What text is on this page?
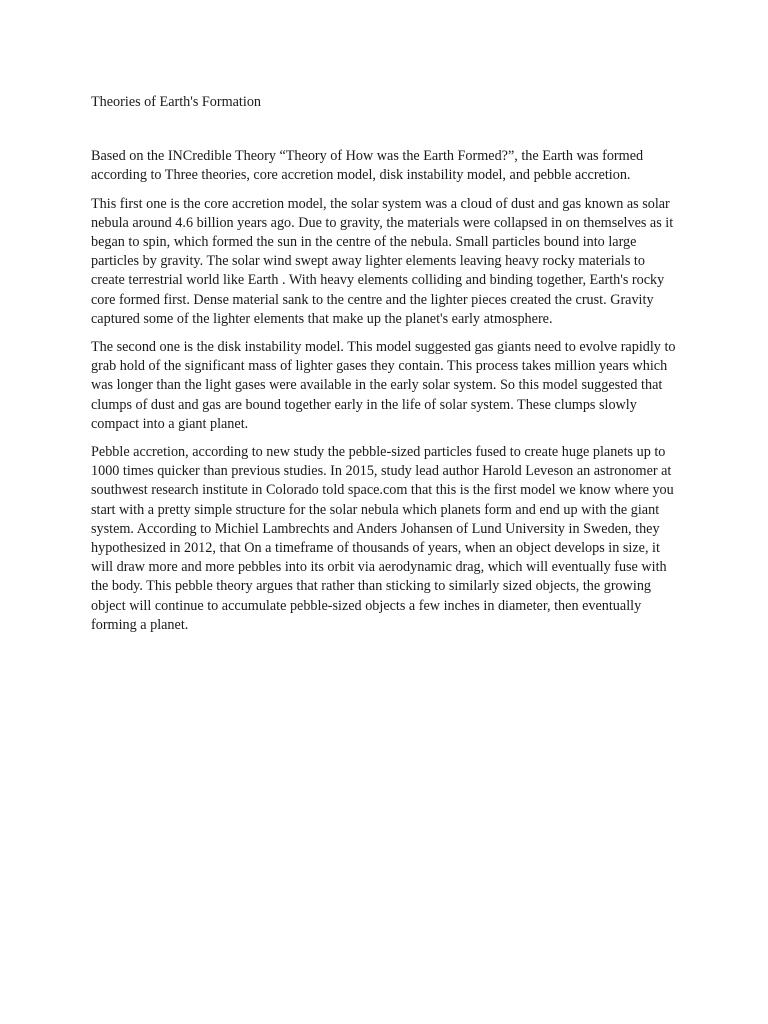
Theories of Earth's Formation

Based on the INCredible Theory “Theory of How was the Earth Formed?”, the Earth was formed according to Three theories, core accretion model, disk instability model, and pebble accretion.

This first one is the core accretion model, the solar system was a cloud of dust and gas known as solar nebula around 4.6 billion years ago. Due to gravity, the materials were collapsed in on themselves as it began to spin, which formed the sun in the centre of the nebula. Small particles bound into large particles by gravity. The solar wind swept away lighter elements leaving heavy rocky materials to create terrestrial world like Earth . With heavy elements colliding and binding together, Earth's rocky core formed first. Dense material sank to the centre and the lighter pieces created the crust. Gravity captured some of the lighter elements that make up the planet's early atmosphere.

The second one is the disk instability model. This model suggested gas giants need to evolve rapidly to grab hold of the significant mass of lighter gases they contain. This process takes million years which was longer than the light gases were available in the early solar system. So this model suggested that clumps of dust and gas are bound together early in the life of solar system. These clumps slowly compact into a giant planet.

Pebble accretion, according to new study the pebble-sized particles fused to create huge planets up to 1000 times quicker than previous studies. In 2015, study lead author Harold Leveson an astronomer at southwest research institute in Colorado told space.com that this is the first model we know where you start with a pretty simple structure for the solar nebula which planets form and end up with the giant system. According to Michiel Lambrechts and Anders Johansen of Lund University in Sweden, they hypothesized in 2012, that On a timeframe of thousands of years, when an object develops in size, it will draw more and more pebbles into its orbit via aerodynamic drag, which will eventually fuse with the body. This pebble theory argues that rather than sticking to similarly sized objects, the growing object will continue to accumulate pebble-sized objects a few inches in diameter, then eventually forming a planet.
